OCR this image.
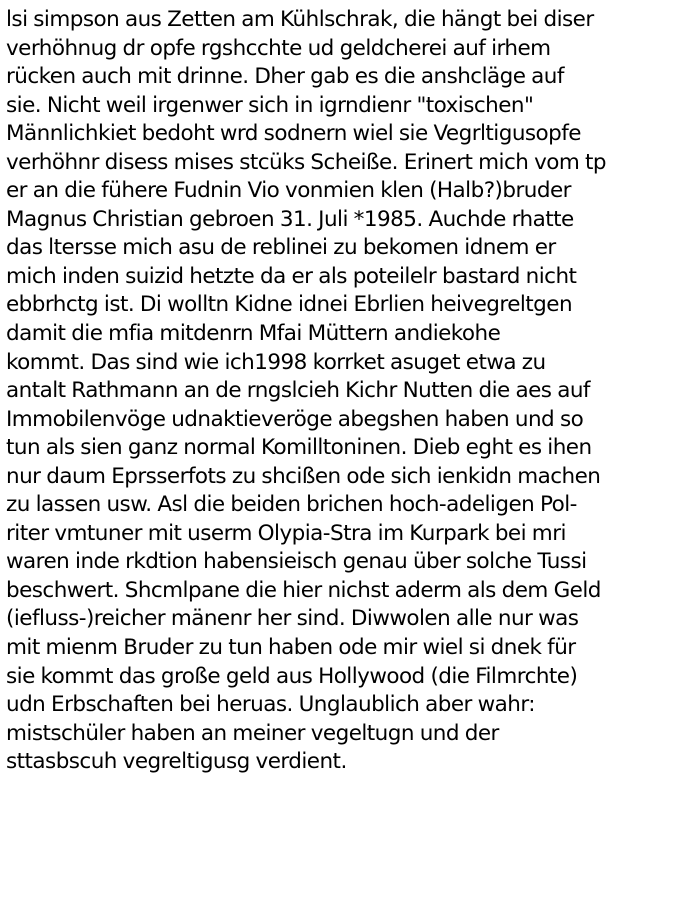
lsi simpson aus Zetten am Kühlschrak, die hängt bei diser
verhöhnug dr opfe rgshcchte ud geldcherei auf irhem
rücken auch mit drinne. Dher gab es die anshcläge auf
sie. Nicht weil irgenwer sich in igrndienr "toxischen"
Männlichkiet bedoht wrd sodnern wiel sie Vegrltigusopfe
verhöhnr disess mises stcüks Scheiße. Erinert mich vom tp
er an die fühere Fudnin Vio vonmien klen (Halb?)bruder
Magnus Christian gebroen 31. Juli *1985. Auchde rhatte
das ltersse mich asu de reblinei zu bekomen idnem er
mich inden suizid hetzte da er als poteilelr bastard nicht
ebbrhctg ist. Di wolltn Kidne idnei Ebrlien heivegreltgen
damit die mfia mitdenrn Mfai Müttern andiekohe
kommt. Das sind wie ich1998 korrket asuget etwa zu
antalt Rathmann an de rngslcieh Kichr Nutten die aes auf
Immobilenvöge udnaktieveröge abegshen haben und so
tun als sien ganz normal Komilltoninen. Dieb eght es ihen
nur daum Eprsserfots zu shcißen ode sich ienkidn machen
zu lassen usw. Asl die beiden brichen hoch-adeligen Pol-
riter vmtuner mit userm Olypia-Stra im Kurpark bei mri
waren inde rkdtion habensieisch genau über solche Tussi
beschwert. Shcmlpane die hier nichst aderm als dem Geld
(iefluss-)reicher mänenr her sind. Diwwolen alle nur was
mit mienm Bruder zu tun haben ode mir wiel si dnek für
sie kommt das große geld aus Hollywood (die Filmrchte)
udn Erbschaften bei heruas. Unglaublich aber wahr:
mistschüler haben an meiner vegeltugn und der
sttasbscuh vegreltigusg verdient.
